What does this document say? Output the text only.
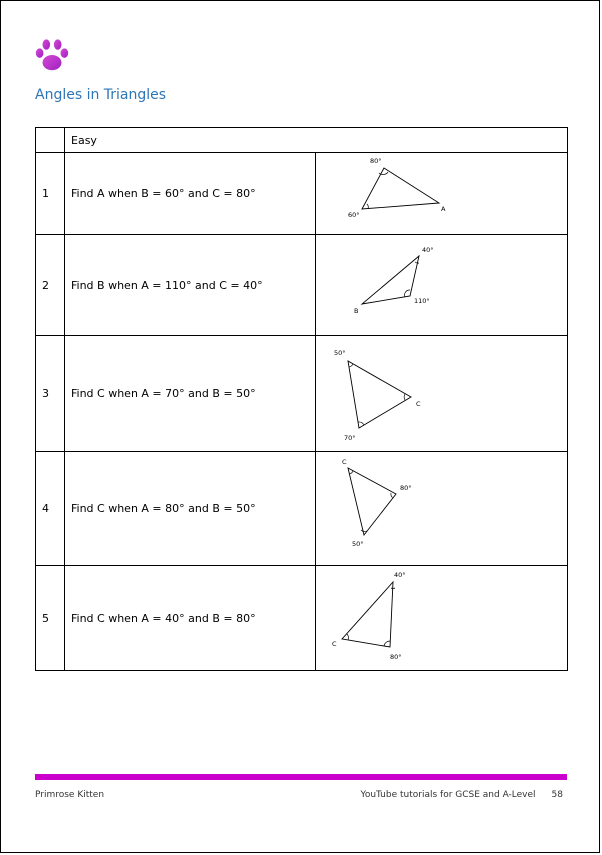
Angles in Triangles
	Easy	
1	Find A when B = 60° and C = 80°	80°
60°
A

2	Find B when A = 110° and C = 40°	40°
B
110°

3	Find C when A = 70° and B = 50°	50°
70°
C

4	Find C when A = 80° and B = 50°	C
50°
80°

5	Find C when A = 40° and B = 80°	40°
C
80°
Primrose Kitten	YouTube tutorials for GCSE and A-Level 58
